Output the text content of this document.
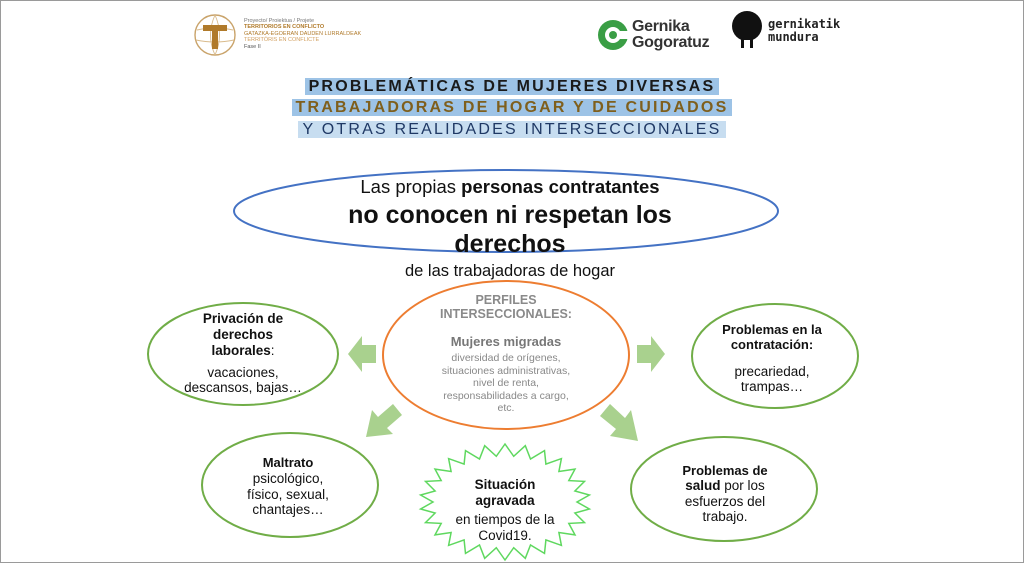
Proyecto/ Proiektua / Projete
TERRITORIOS EN CONFLICTO
GATAZKA-EGOERAN DAUDEN LURRALDEAK
TERRITÒRIS EN CONFLICTE
Fase II
Gernika
Gogoratuz
gernikatik
mundura
PROBLEMÁTICAS DE MUJERES DIVERSAS
TRABAJADORAS DE HOGAR Y DE CUIDADOS
Y OTRAS REALIDADES INTERSECCIONALES
Las propias personas contratantes
no conocen ni respetan los
derechos
de las trabajadoras de hogar
PERFILES
INTERSECCIONALES:
Mujeres migradas
diversidad de orígenes,
situaciones administrativas,
nivel de renta,
responsabilidades a cargo,
etc.
Privación de
derechos
laborales:
vacaciones,
descansos, bajas…
Problemas en la
contratación:
precariedad,
trampas…
Maltrato
psicológico,
físico, sexual,
chantajes…
Problemas de
salud por los
esfuerzos del
trabajo.
Situación
agravada
en tiempos de la
Covid19.
